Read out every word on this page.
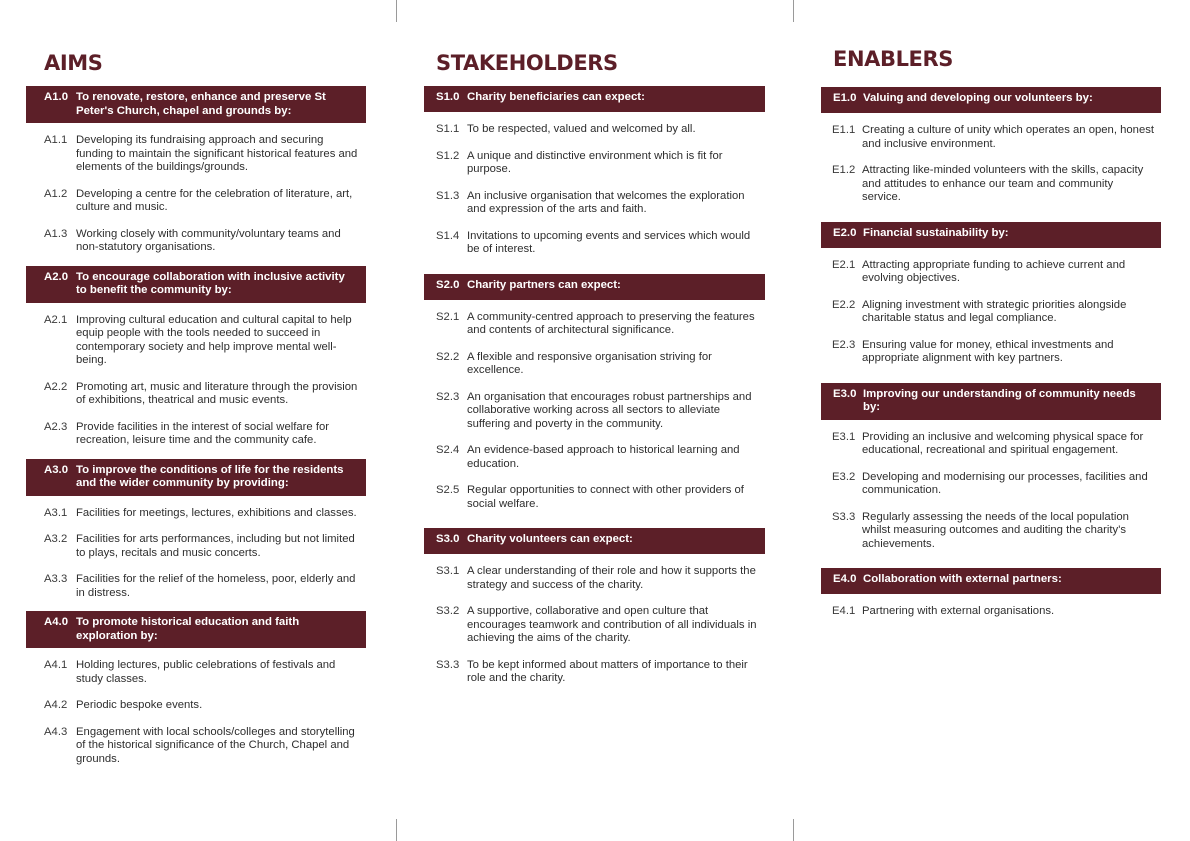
AIMS
A1.0 To renovate, restore, enhance and preserve St Peter's Church, chapel and grounds by:
A1.1 Developing its fundraising approach and securing funding to maintain the significant historical features and elements of the buildings/grounds.
A1.2 Developing a centre for the celebration of literature, art, culture and music.
A1.3 Working closely with community/voluntary teams and non-statutory organisations.
A2.0 To encourage collaboration with inclusive activity to benefit the community by:
A2.1 Improving cultural education and cultural capital to help equip people with the tools needed to succeed in contemporary society and help improve mental well-being.
A2.2 Promoting art, music and literature through the provision of exhibitions, theatrical and music events.
A2.3 Provide facilities in the interest of social welfare for recreation, leisure time and the community cafe.
A3.0 To improve the conditions of life for the residents and the wider community by providing:
A3.1 Facilities for meetings, lectures, exhibitions and classes.
A3.2 Facilities for arts performances, including but not limited to plays, recitals and music concerts.
A3.3 Facilities for the relief of the homeless, poor, elderly and in distress.
A4.0 To promote historical education and faith exploration by:
A4.1 Holding lectures, public celebrations of festivals and study classes.
A4.2 Periodic bespoke events.
A4.3 Engagement with local schools/colleges and storytelling of the historical significance of the Church, Chapel and grounds.
STAKEHOLDERS
S1.0 Charity beneficiaries can expect:
S1.1 To be respected, valued and welcomed by all.
S1.2 A unique and distinctive environment which is fit for purpose.
S1.3 An inclusive organisation that welcomes the exploration and expression of the arts and faith.
S1.4 Invitations to upcoming events and services which would be of interest.
S2.0 Charity partners can expect:
S2.1 A community-centred approach to preserving the features and contents of architectural significance.
S2.2 A flexible and responsive organisation striving for excellence.
S2.3 An organisation that encourages robust partnerships and collaborative working across all sectors to alleviate suffering and poverty in the community.
S2.4 An evidence-based approach to historical learning and education.
S2.5 Regular opportunities to connect with other providers of social welfare.
S3.0 Charity volunteers can expect:
S3.1 A clear understanding of their role and how it supports the strategy and success of the charity.
S3.2 A supportive, collaborative and open culture that encourages teamwork and contribution of all individuals in achieving the aims of the charity.
S3.3 To be kept informed about matters of importance to their role and the charity.
ENABLERS
E1.0 Valuing and developing our volunteers by:
E1.1 Creating a culture of unity which operates an open, honest and inclusive environment.
E1.2 Attracting like-minded volunteers with the skills, capacity and attitudes to enhance our team and community service.
E2.0 Financial sustainability by:
E2.1 Attracting appropriate funding to achieve current and evolving objectives.
E2.2 Aligning investment with strategic priorities alongside charitable status and legal compliance.
E2.3 Ensuring value for money, ethical investments and appropriate alignment with key partners.
E3.0 Improving our understanding of community needs by:
E3.1 Providing an inclusive and welcoming physical space for educational, recreational and spiritual engagement.
E3.2 Developing and modernising our processes, facilities and communication.
S3.3 Regularly assessing the needs of the local population whilst measuring outcomes and auditing the charity's achievements.
E4.0 Collaboration with external partners:
E4.1 Partnering with external organisations.
